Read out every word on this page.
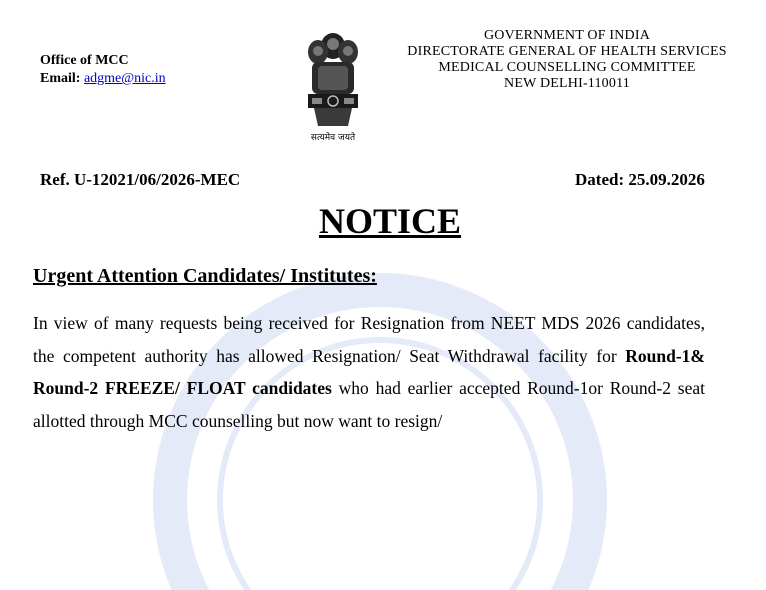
Office of MCC
Email: adgme@nic.in
सत्यमेव जयते
GOVERNMENT OF INDIA
DIRECTORATE GENERAL OF HEALTH SERVICES
MEDICAL COUNSELLING COMMITTEE
NEW DELHI-110011
Ref. U-12021/06/2026-MEC	Dated: 25.09.2026
NOTICE
Urgent Attention Candidates/ Institutes:
In view of many requests being received for Resignation from NEET MDS 2026 candidates, the competent authority has allowed Resignation/ Seat Withdrawal facility for Round-1& Round-2 FREEZE/ FLOAT candidates who had earlier accepted Round-1or Round-2 seat allotted through MCC counselling but now want to resign/
